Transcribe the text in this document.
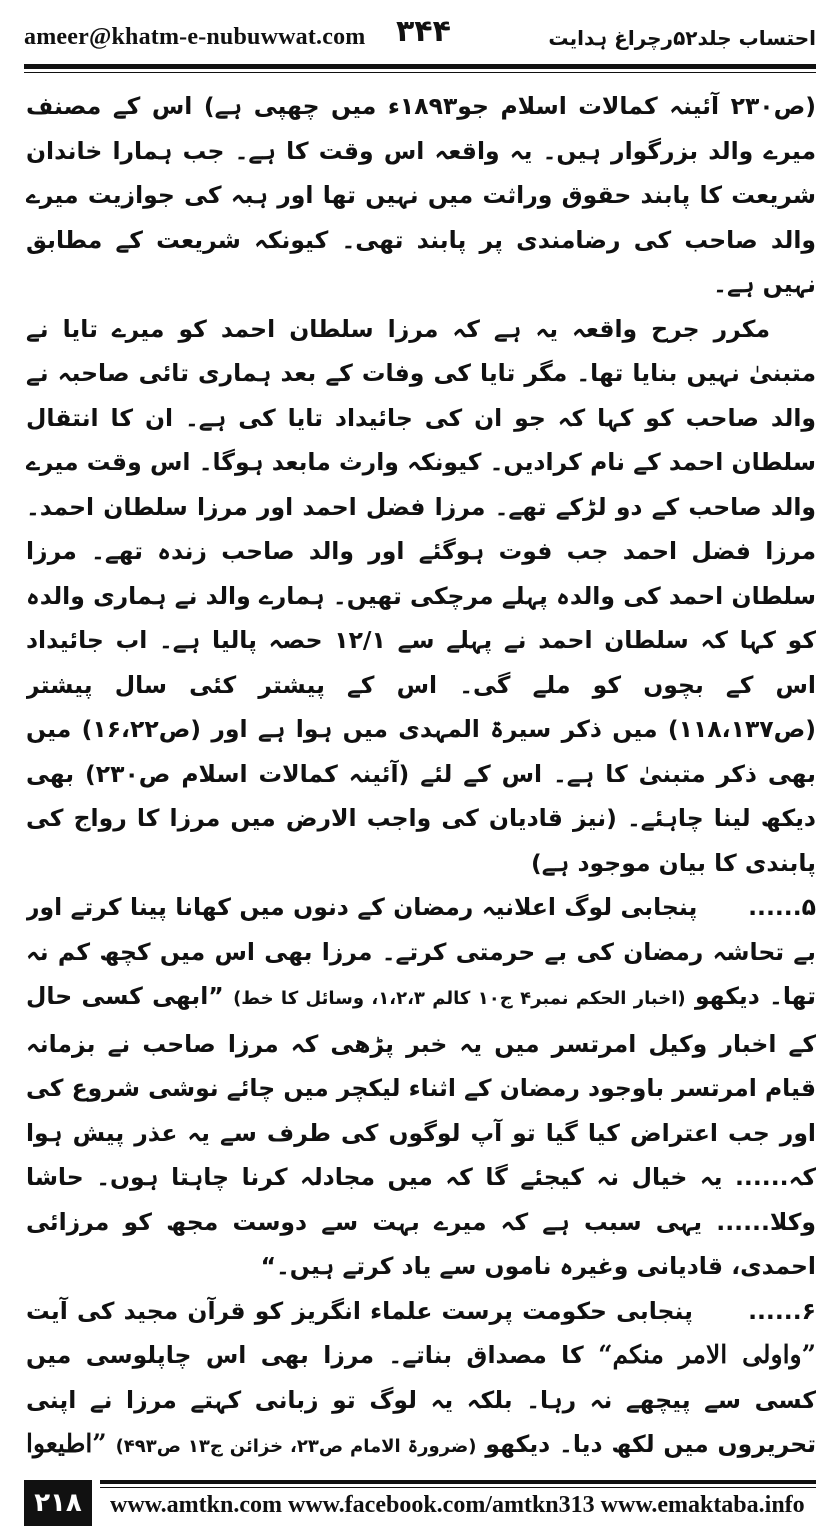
ameer@khatm-e-nubuwwat.com ۳۴۴	احتساب جلد۵۲رچراغ ہدایت

(ص۲۳۰ آئینہ کمالات اسلام جو۱۸۹۳ء میں چھپی ہے) اس کے مصنف میرے والد بزرگوار ہیں۔ یہ واقعہ اس وقت کا ہے۔ جب ہمارا خاندان شریعت کا پابند حقوق وراثت میں نہیں تھا اور ہبہ کی جوازیت میرے والد صاحب کی رضامندی پر پابند تھی۔ کیونکہ شریعت کے مطابق نہیں ہے۔

مکرر جرح واقعہ یہ ہے کہ مرزا سلطان احمد کو میرے تایا نے متبنیٰ نہیں بنایا تھا۔ مگر تایا کی وفات کے بعد ہماری تائی صاحبہ نے والد صاحب کو کہا کہ جو ان کی جائیداد تایا کی ہے۔ ان کا انتقال سلطان احمد کے نام کرادیں۔ کیونکہ وارث مابعد ہوگا۔ اس وقت میرے والد صاحب کے دو لڑکے تھے۔ مرزا فضل احمد اور مرزا سلطان احمد۔ مرزا فضل احمد جب فوت ہوگئے اور والد صاحب زندہ تھے۔ مرزا سلطان احمد کی والدہ پہلے مرچکی تھیں۔ ہمارے والد نے ہماری والدہ کو کہا کہ سلطان احمد نے پہلے سے ۱۲/۱ حصہ پالیا ہے۔ اب جائیداد اس کے بچوں کو ملے گی۔ اس کے پیشتر کئی سال پیشتر (ص۱۱۸،۱۳۷) میں ذکر سیرۃ المہدی میں ہوا ہے اور (ص۱۶،۲۲) میں بھی ذکر متبنیٰ کا ہے۔ اس کے لئے (آئینہ کمالات اسلام ص۲۳۰) بھی دیکھ لینا چاہئے۔ (نیز قادیان کی واجب الارض میں مرزا کا رواج کی پابندی کا بیان موجود ہے)

۵......      پنجابی لوگ اعلانیہ رمضان کے دنوں میں کھانا پینا کرتے اور بے تحاشہ رمضان کی بے حرمتی کرتے۔ مرزا بھی اس میں کچھ کم نہ تھا۔ دیکھو (اخبار الحکم نمبر۴ ج۱۰ کالم ۱،۲،۳، وسائل کا خط) ”ابھی کسی حال کے اخبار وکیل امرتسر میں یہ خبر پڑھی کہ مرزا صاحب نے بزمانہ قیام امرتسر باوجود رمضان کے اثناء لیکچر میں چائے نوشی شروع کی اور جب اعتراض کیا گیا تو آپ لوگوں کی طرف سے یہ عذر پیش ہوا کہ...... یہ خیال نہ کیجئے گا کہ میں مجادلہ کرنا چاہتا ہوں۔ حاشا وکلا...... یہی سبب ہے کہ میرے بہت سے دوست مجھ کو مرزائی احمدی، قادیانی وغیرہ ناموں سے یاد کرتے ہیں۔“

۶......      پنجابی حکومت پرست علماء انگریز کو قرآن مجید کی آیت ”واولی الامر منکم“ کا مصداق بناتے۔ مرزا بھی اس چاپلوسی میں کسی سے پیچھے نہ رہا۔ بلکہ یہ لوگ تو زبانی کہتے مرزا نے اپنی تحریروں میں لکھ دیا۔ دیکھو (ضرورۃ الامام ص۲۳، خزائن ج۱۳ ص۴۹۳) ”اطیعوا

۲۱۸	www.amtkn.com www.facebook.com/amtkn313 www.emaktaba.info
